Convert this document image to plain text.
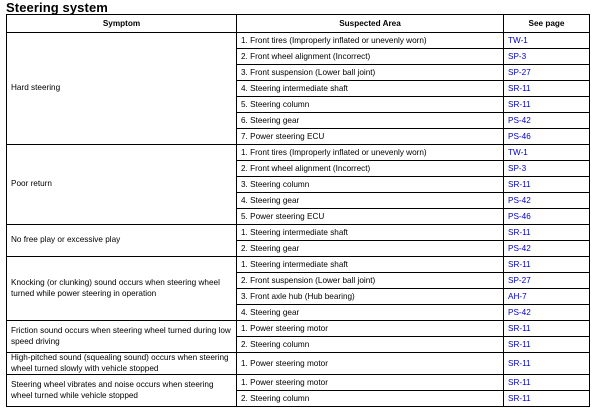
Steering system
Symptom	Suspected Area	See page
Hard steering	1. Front tires (Improperly inflated or unevenly worn)	TW-1
	2. Front wheel alignment (Incorrect)	SP-3
	3. Front suspension (Lower ball joint)	SP-27
	4. Steering intermediate shaft	SR-11
	5. Steering column	SR-11
	6. Steering gear	PS-42
	7. Power steering ECU	PS-46
Poor return	1. Front tires (Improperly inflated or unevenly worn)	TW-1
	2. Front wheel alignment (Incorrect)	SP-3
	3. Steering column	SR-11
	4. Steering gear	PS-42
	5. Power steering ECU	PS-46
No free play or excessive play	1. Steering intermediate shaft	SR-11
	2. Steering gear	PS-42
Knocking (or clunking) sound occurs when steering wheel turned while power steering in operation	1. Steering intermediate shaft	SR-11
	2. Front suspension (Lower ball joint)	SP-27
	3. Front axle hub (Hub bearing)	AH-7
	4. Steering gear	PS-42
Friction sound occurs when steering wheel turned during low speed driving	1. Power steering motor	SR-11
	2. Steering column	SR-11
High-pitched sound (squealing sound) occurs when steering wheel turned slowly with vehicle stopped	1. Power steering motor	SR-11
Steering wheel vibrates and noise occurs when steering wheel turned while vehicle stopped	1. Power steering motor	SR-11
	2. Steering column	SR-11
